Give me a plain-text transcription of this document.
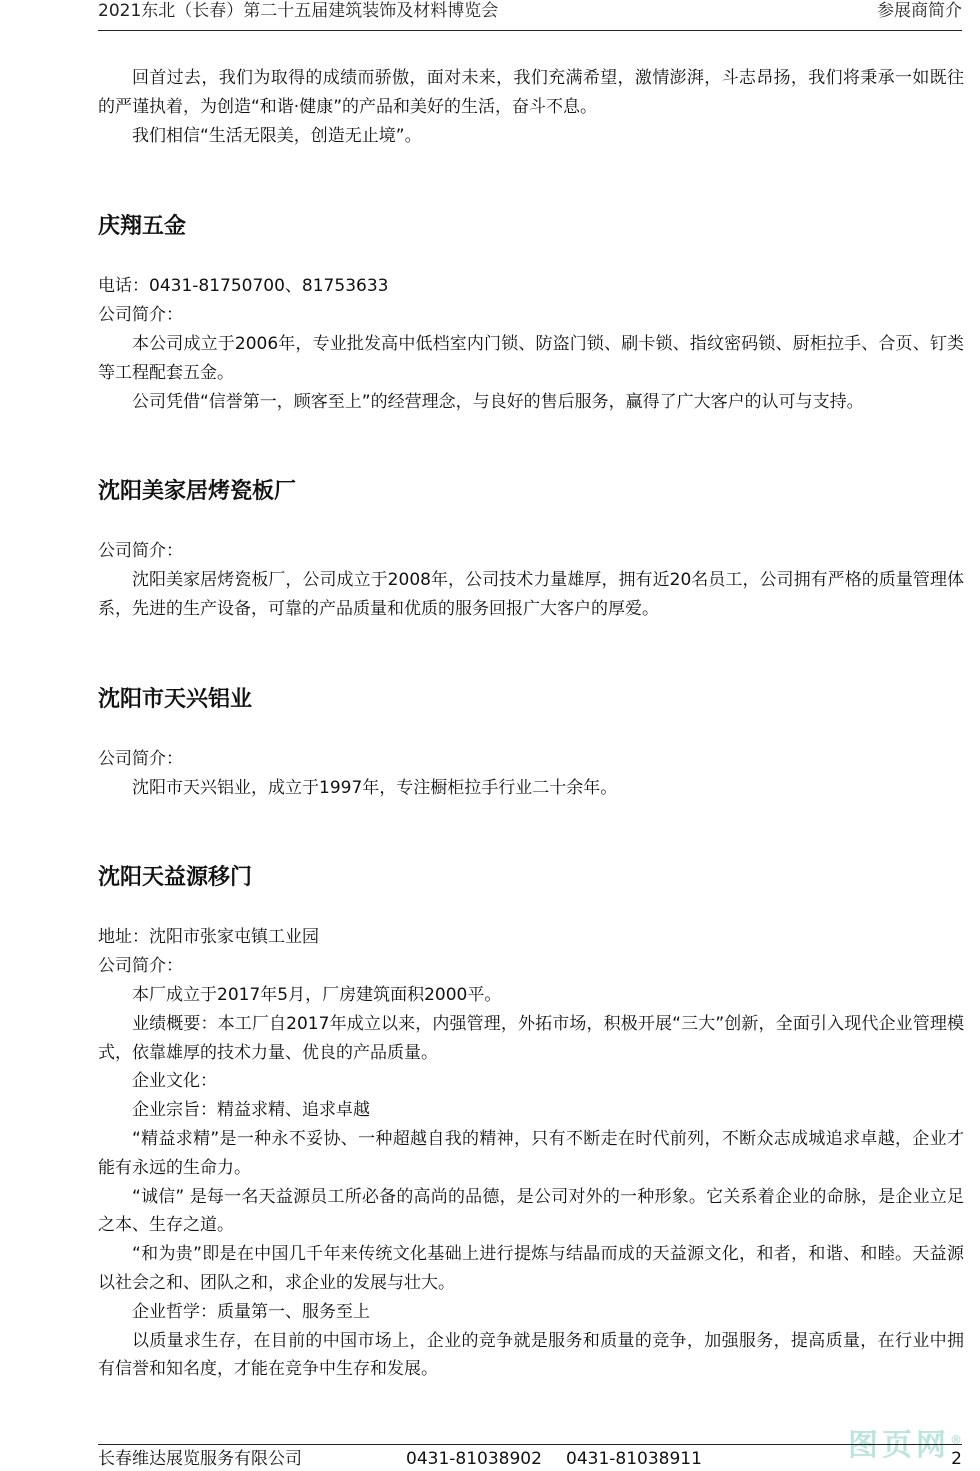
2021东北（长春）第二十五届建筑装饰及材料博览会	参展商简介

回首过去，我们为取得的成绩而骄傲，面对未来，我们充满希望，激情澎湃，斗志昂扬，我们将秉承一如既往的严谨执着，为创造“和谐·健康”的产品和美好的生活，奋斗不息。

我们相信“生活无限美，创造无止境”。

庆翔五金

电话：0431-81750700、81753633

公司简介：

本公司成立于2006年，专业批发高中低档室内门锁、防盗门锁、刷卡锁、指纹密码锁、厨柜拉手、合页、钉类等工程配套五金。

公司凭借“信誉第一，顾客至上”的经营理念，与良好的售后服务，赢得了广大客户的认可与支持。

沈阳美家居烤瓷板厂

公司简介：

沈阳美家居烤瓷板厂，公司成立于2008年，公司技术力量雄厚，拥有近20名员工，公司拥有严格的质量管理体系，先进的生产设备，可靠的产品质量和优质的服务回报广大客户的厚爱。

沈阳市天兴铝业

公司简介：

沈阳市天兴铝业，成立于1997年，专注橱柜拉手行业二十余年。

沈阳天益源移门

地址：沈阳市张家屯镇工业园

公司简介：

本厂成立于2017年5月，厂房建筑面积2000平。

业绩概要：本工厂自2017年成立以来，内强管理，外拓市场，积极开展“三大”创新，全面引入现代企业管理模式，依靠雄厚的技术力量、优良的产品质量。

企业文化：

企业宗旨：精益求精、追求卓越

“精益求精”是一种永不妥协、一种超越自我的精神，只有不断走在时代前列，不断众志成城追求卓越，企业才能有永远的生命力。

“诚信” 是每一名天益源员工所必备的高尚的品德，是公司对外的一种形象。它关系着企业的命脉，是企业立足之本、生存之道。

“和为贵”即是在中国几千年来传统文化基础上进行提炼与结晶而成的天益源文化，和者，和谐、和睦。天益源以社会之和、团队之和，求企业的发展与壮大。

企业哲学：质量第一、服务至上

以质量求生存，在目前的中国市场上，企业的竞争就是服务和质量的竞争，加强服务，提高质量，在行业中拥有信誉和知名度，才能在竞争中生存和发展。

图页网®
长春维达展览服务有限公司	0431-81038902 0431-81038911	2
